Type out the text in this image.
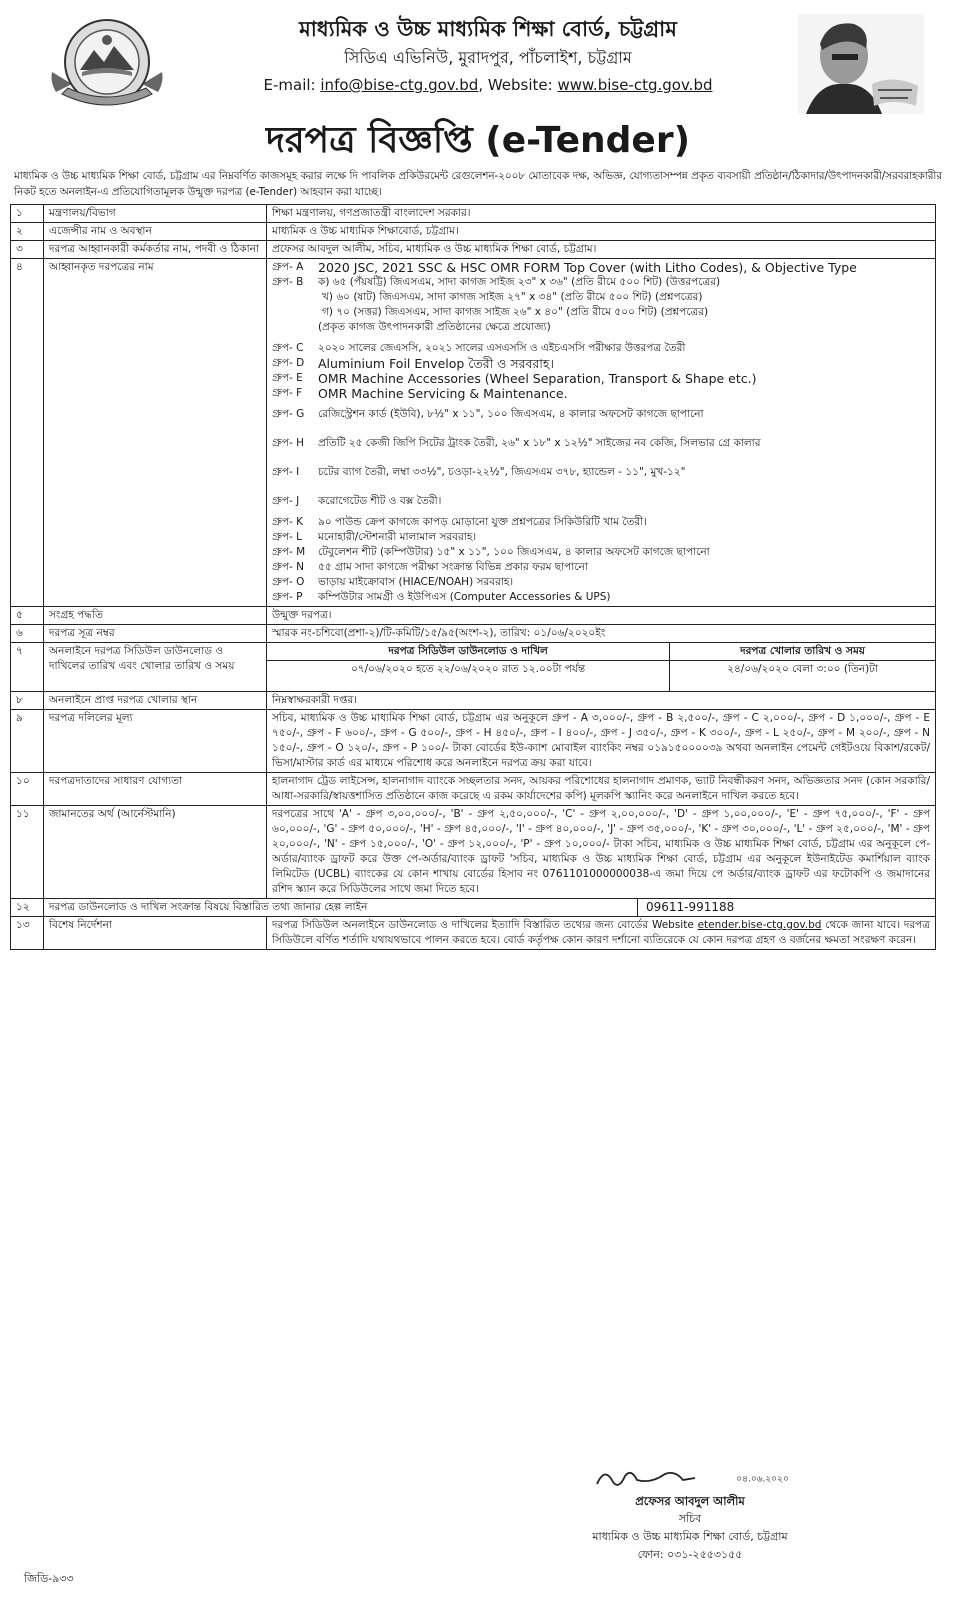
মাধ্যমিক ও উচ্চ মাধ্যমিক শিক্ষা বোর্ড, চট্টগ্রাম
সিডিএ এভিনিউ, মুরাদপুর, পাঁচলাইশ, চট্টগ্রাম
E-mail: info@bise-ctg.gov.bd, Website: www.bise-ctg.gov.bd
দরপত্র বিজ্ঞপ্তি (e-Tender)
মাধ্যমিক ও উচ্চ মাধ্যমিক শিক্ষা বোর্ড, চট্টগ্রাম এর নিম্নবর্ণিত কাজসমূহ করার লক্ষে দি পাবলিক প্রকিউরমেন্ট রেগুলেশন-২০০৮ মোতাবেক দক্ষ, অভিজ্ঞ, যোগ্যতাসম্পন্ন প্রকৃত ব্যবসায়ী প্রতিষ্ঠান/ঠিকাদার/উৎপাদনকারী/সরবরাহকারীর নিকট হতে অনলাইন-এ প্রতিযোগিতামূলক উন্মুক্ত দরপত্র (e-Tender) আহবান করা যাচ্ছে।
১	মন্ত্রণালয়/বিভাগ	শিক্ষা মন্ত্রণালয়, গণপ্রজাতন্ত্রী বাংলাদেশ সরকার।
২	এজেন্সীর নাম ও অবস্থান	মাধ্যমিক ও উচ্চ মাধ্যমিক শিক্ষাবোর্ড, চট্টগ্রাম।
৩	দরপত্র আহ্বানকারী কর্মকর্তার নাম, পদবী ও ঠিকানা	প্রফেসর আবদুল আলীম, সচিব, মাধ্যমিক ও উচ্চ মাধ্যমিক শিক্ষা বোর্ড, চট্টগ্রাম।
৪	আহ্বানকৃত দরপত্রের নাম	গ্রুপ- A	2020 JSC, 2021 SSC & HSC OMR FORM Top Cover (with Litho Codes), & Objective Type
গ্রুপ- B	ক) ৬৫ (পঁয়ষট্টি) জিএসএম, সাদা কাগজ সাইজ ২৩" x ৩৬" (প্রতি রীমে ৫০০ শিট) (উত্তরপত্রের)
খ) ৬০ (ষাট) জিএসএম, সাদা কাগজ সাইজ ২৭" x ৩৪" (প্রতি রীমে ৫০০ শিট) (প্রশ্নপত্রের)
গ) ৭০ (সত্তর) জিএসএম, সাদা কাগজ সাইজ ২৬" x ৪০" (প্রতি রীমে ৫০০ শিট) (প্রশ্নপত্রের)
(প্রকৃত কাগজ উৎপাদনকারী প্রতিষ্ঠানের ক্ষেত্রে প্রযোজ্য)
গ্রুপ- C	২০২০ সালের জেএসসি, ২০২১ সালের এসএসসি ও এইচএসসি পরীক্ষার উত্তরপত্র তৈরী
গ্রুপ- D	Aluminium Foil Envelop তৈরী ও সরবরাহ।
গ্রুপ- E	OMR Machine Accessories (Wheel Separation, Transport & Shape etc.)
গ্রুপ- F	OMR Machine Servicing & Maintenance.
গ্রুপ- G	রেজিস্ট্রেশন কার্ড (ইউবি), ৮½" x ১১", ১০০ জিএসএম, ৪ কালার অফসেট কাগজে ছাপানো
গ্রুপ- H	প্রতিটি ২৫ কেজী জিপি সিটের ট্রাংক তৈরী, ২৬" x ১৮" x ১২½" সাইজের নব কেজি, সিলভার গ্রে কালার
গ্রুপ- I	চটের ব্যাগ তৈরী, লম্বা ৩৩½", চওড়া-২২½", জিএসএম ৩৭৮, হ্যান্ডেল - ১১", মুখ-১২"
গ্রুপ- J	করোগেটেড শীট ও বক্স তৈরী।
গ্রুপ- K	৯০ পাউন্ড ক্রেপ কাগজে কাপড় মোড়ানো যুক্ত প্রশ্নপত্রের সিকিউরিটি খাম তৈরী।
গ্রুপ- L	মনোহারী/স্টেশনারী মালামাল সরবরাহ।
গ্রুপ- M	টেবুলেশন শীট (কম্পিউটার) ১৫" x ১১", ১০০ জিএসএম, ৪ কালার অফসেট কাগজে ছাপানো
গ্রুপ- N	৫৫ গ্রাম সাদা কাগজে পরীক্ষা সংক্রান্ত বিভিন্ন প্রকার ফরম ছাপানো
গ্রুপ- O	ভাড়ায় মাইক্রোবাস (HIACE/NOAH) সরবরাহ।
গ্রুপ- P	কম্পিউটার সামগ্রী ও ইউপিএস (Computer Accessories & UPS)

৫	সংগ্রহ পদ্ধতি	উন্মুক্ত দরপত্র।
৬	দরপত্র সূত্র নম্বর	স্মারক নং-চশিবো(প্রশা-২)/টি-কমিটি/১৫/৯৫(অংশ-২), তারিখ: ০১/০৬/২০২০ইং
৭	অনলাইনে দরপত্র সিডিউল ডাউনলোড ও দাখিলের তারিখ এবং খোলার তারিখ ও সময়	
দরপত্র সিডিউল ডাউনলোড ও দাখিল	দরপত্র খোলার তারিখ ও সময়
০৭/০৬/২০২০ হতে ২২/০৬/২০২০ রাত ১২.০০টা পর্যন্ত	২৪/০৬/২০২০ বেলা ৩:০০ (তিন)টা

৮	অনলাইনে প্রাপ্ত দরপত্র খোলার স্থান	নিম্নস্বাক্ষরকারী দপ্তর।
৯	দরপত্র দলিলের মূল্য	সচিব, মাধ্যমিক ও উচ্চ মাধ্যমিক শিক্ষা বোর্ড, চট্টগ্রাম এর অনুকূলে গ্রুপ - A ৩,০০০/-, গ্রুপ - B ২,৫০০/-, গ্রুপ - C ২,০০০/-, গ্রুপ - D ১,০০০/-, গ্রুপ - E ৭৫০/-, গ্রুপ - F ৬০০/-, গ্রুপ - G ৫০০/-, গ্রুপ - H ৪৫০/-, গ্রুপ - I ৪০০/-, গ্রুপ - J ৩৫০/-, গ্রুপ - K ৩০০/-, গ্রুপ - L ২৫০/-, গ্রুপ - M ২০০/-, গ্রুপ - N ১৫০/-, গ্রুপ - O ১২০/-, গ্রুপ - P ১০০/- টাকা বোর্ডের ইউ-ক্যাশ মোবাইল ব্যাংকিং নম্বর ০১৯১৫০০০০৩৯ অথবা অনলাইন পেমেন্ট গেইটওয়ে বিকাশ/রকেট/ভিসা/মাস্টার কার্ড এর মাধ্যমে পরিশোধ করে অনলাইনে দরপত্র ক্রয় করা যাবে।
১০	দরপত্রদাতাদের সাধারণ যোগ্যতা	হালনাগাদ ট্রেড লাইসেন্স, হালনাগাদ ব্যাংকে সচ্ছলতার সনদ, আয়কর পরিশোধের হালনাগাদ প্রমাণক, ভ্যাট নিবন্ধীকরণ সনদ, অভিজ্ঞতার সনদ (কোন সরকারি/আধা-সরকারি/স্বায়ত্তশাসিত প্রতিষ্ঠানে কাজ করেছে এ রকম কার্যাদেশের কপি) মূলকপি স্ক্যানিং করে অনলাইনে দাখিল করতে হবে।
১১	জামানতের অর্থ (আর্নেস্টমানি)	দরপত্রের সাথে 'A' - গ্রুপ ৩,০০,০০০/-, 'B' - গ্রুপ ২,৫০,০০০/-, 'C' - গ্রুপ ২,০০,০০০/-, 'D' - গ্রুপ ১,০০,০০০/-, 'E' - গ্রুপ ৭৫,০০০/-, 'F' - গ্রুপ ৬০,০০০/-, 'G' - গ্রুপ ৫০,০০০/-, 'H' - গ্রুপ ৪৫,০০০/-, 'I' - গ্রুপ ৪০,০০০/-, 'J' - গ্রুপ ৩৫,০০০/-, 'K' - গ্রুপ ৩০,০০০/-, 'L' - গ্রুপ ২৫,০০০/-, 'M' - গ্রুপ ২০,০০০/-, 'N' - গ্রুপ ১৫,০০০/-, 'O' - গ্রুপ ১২,০০০/-, 'P' - গ্রুপ ১০,০০০/- টাকা সচিব, মাধ্যমিক ও উচ্চ মাধ্যমিক শিক্ষা বোর্ড, চট্টগ্রাম এর অনুকূলে পে-অর্ডার/ব্যাংক ড্রাফট করে উক্ত পে-অর্ডার/ব্যাংক ড্রাফট 'সচিব, মাধ্যমিক ও উচ্চ মাধ্যমিক শিক্ষা বোর্ড, চট্টগ্রাম এর অনুকূলে ইউনাইটেড কমার্শিয়াল ব্যাংক লিমিটেড (UCBL) ব্যাংকের যে কোন শাখায় বোর্ডের হিসাব নং 0761101000000038-এ জমা দিয়ে পে অর্ডার/ব্যাংক ড্রাফট এর ফটোকপি ও জমাদানের রশিদ স্ক্যান করে সিডিউলের সাথে জমা দিতে হবে।
১২	দরপত্র ডাউনলোড ও দাখিল সংক্রান্ত বিষয়ে বিস্তারিত তথ্য জানার হেল্প লাইন	09611-991188

১৩	বিশেষ নির্দেশনা	দরপত্র সিডিউল অনলাইনে ডাউনলোড ও দাখিলের ইত্যাদি বিস্তারিত তথ্যের জন্য বোর্ডের Website etender.bise-ctg.gov.bd থেকে জানা যাবে। দরপত্র সিডিউলে বর্ণিত শর্তাদি যথাযথভাবে পালন করতে হবে। বোর্ড কর্তৃপক্ষ কোন কারণ দর্শানো ব্যতিরেকে যে কোন দরপত্র গ্রহণ ও বর্জনের ক্ষমতা সংরক্ষণ করেন।
০৪.০৬.২০২০
প্রফেসর আবদুল আলীম
সচিব
মাধ্যমিক ও উচ্চ মাধ্যমিক শিক্ষা বোর্ড, চট্টগ্রাম
ফোন: ০৩১-২৫৫৩১৫৫
জিডি-৯৩৩
